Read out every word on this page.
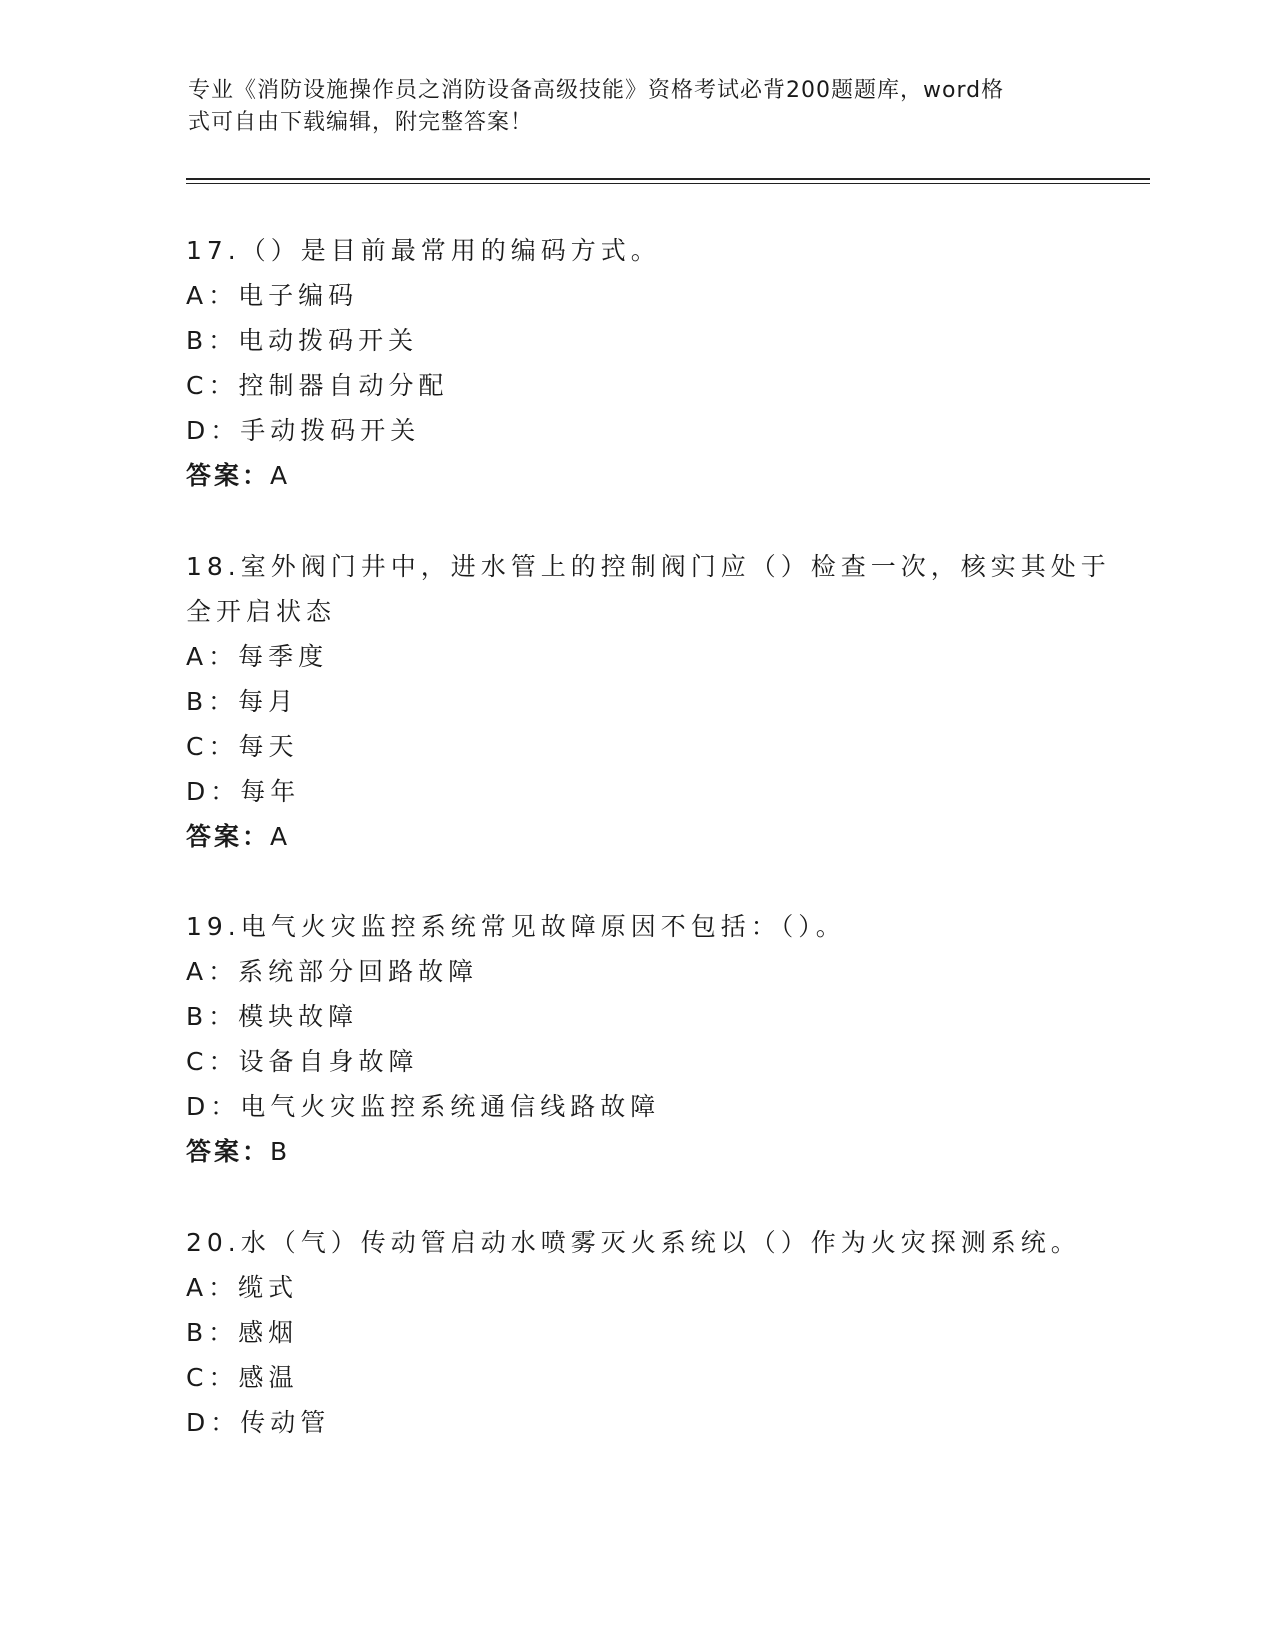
专业《消防设施操作员之消防设备高级技能》资格考试必背200题题库，word格
式可自由下载编辑，附完整答案！
17.（）是目前最常用的编码方式。
A：电子编码
B：电动拨码开关
C：控制器自动分配
D：手动拨码开关
答案：A
18.室外阀门井中，进水管上的控制阀门应（）检查一次，核实其处于
全开启状态
A：每季度
B：每月
C：每天
D：每年
答案：A
19.电气火灾监控系统常见故障原因不包括：（）。
A：系统部分回路故障
B：模块故障
C：设备自身故障
D：电气火灾监控系统通信线路故障
答案：B
20.水（气）传动管启动水喷雾灭火系统以（）作为火灾探测系统。
A：缆式
B：感烟
C：感温
D：传动管
